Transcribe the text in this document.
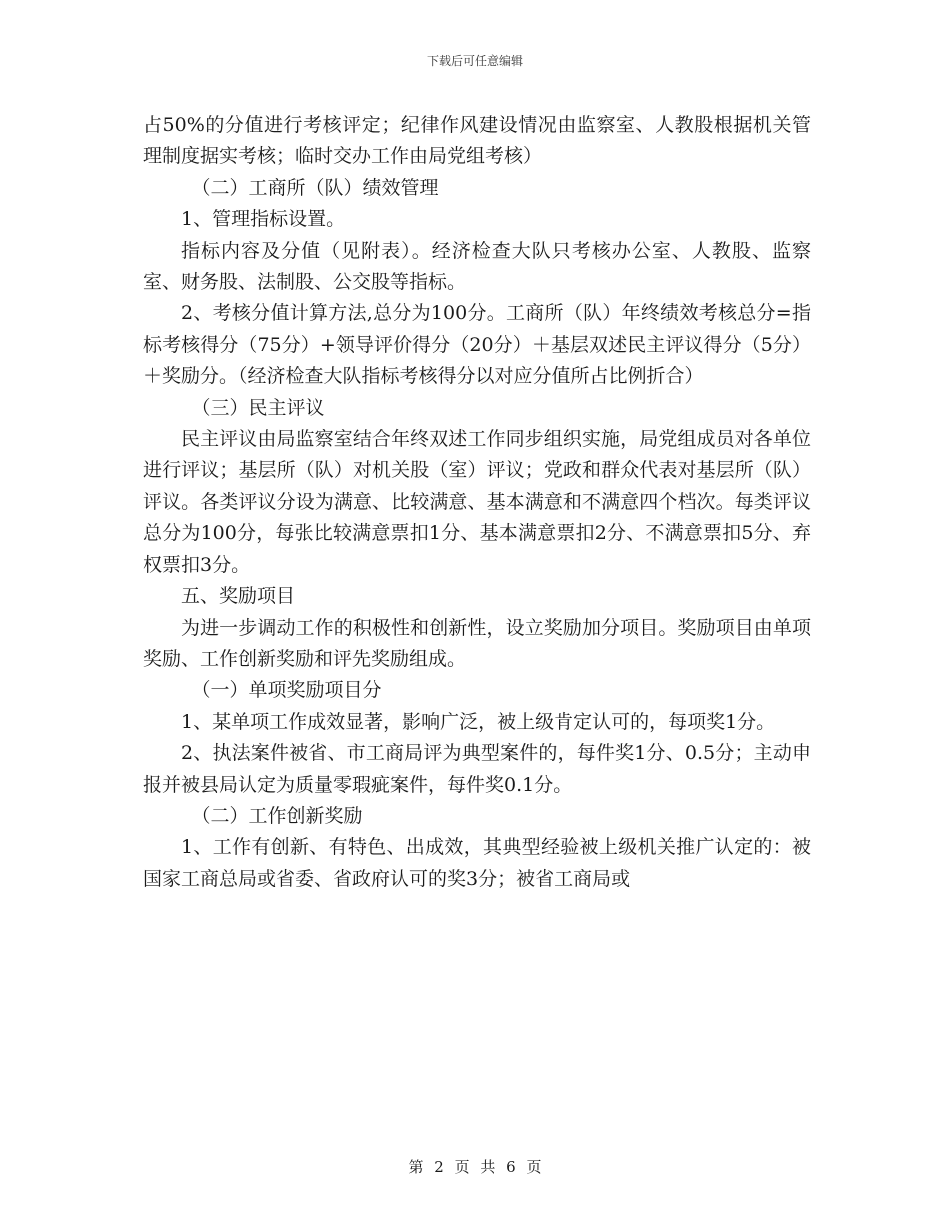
下载后可任意编辑

占50%的分值进行考核评定；纪律作风建设情况由监察室、人教股根据机关管理制度据实考核；临时交办工作由局党组考核）

（二）工商所（队）绩效管理

1、管理指标设置。

指标内容及分值（见附表）。经济检查大队只考核办公室、人教股、监察室、财务股、法制股、公交股等指标。

2、考核分值计算方法,总分为100分。工商所（队）年终绩效考核总分=指标考核得分（75分）+领导评价得分（20分）＋基层双述民主评议得分（5分）＋奖励分。（经济检查大队指标考核得分以对应分值所占比例折合）

（三）民主评议

民主评议由局监察室结合年终双述工作同步组织实施，局党组成员对各单位进行评议；基层所（队）对机关股（室）评议；党政和群众代表对基层所（队）评议。各类评议分设为满意、比较满意、基本满意和不满意四个档次。每类评议总分为100分，每张比较满意票扣1分、基本满意票扣2分、不满意票扣5分、弃权票扣3分。

五、奖励项目

为进一步调动工作的积极性和创新性，设立奖励加分项目。奖励项目由单项奖励、工作创新奖励和评先奖励组成。

（一）单项奖励项目分

1、某单项工作成效显著，影响广泛，被上级肯定认可的，每项奖1分。

2、执法案件被省、市工商局评为典型案件的，每件奖1分、0.5分；主动申报并被县局认定为质量零瑕疵案件，每件奖0.1分。

（二）工作创新奖励

1、工作有创新、有特色、出成效，其典型经验被上级机关推广认定的：被国家工商总局或省委、省政府认可的奖3分；被省工商局或

第 2 页 共 6 页
